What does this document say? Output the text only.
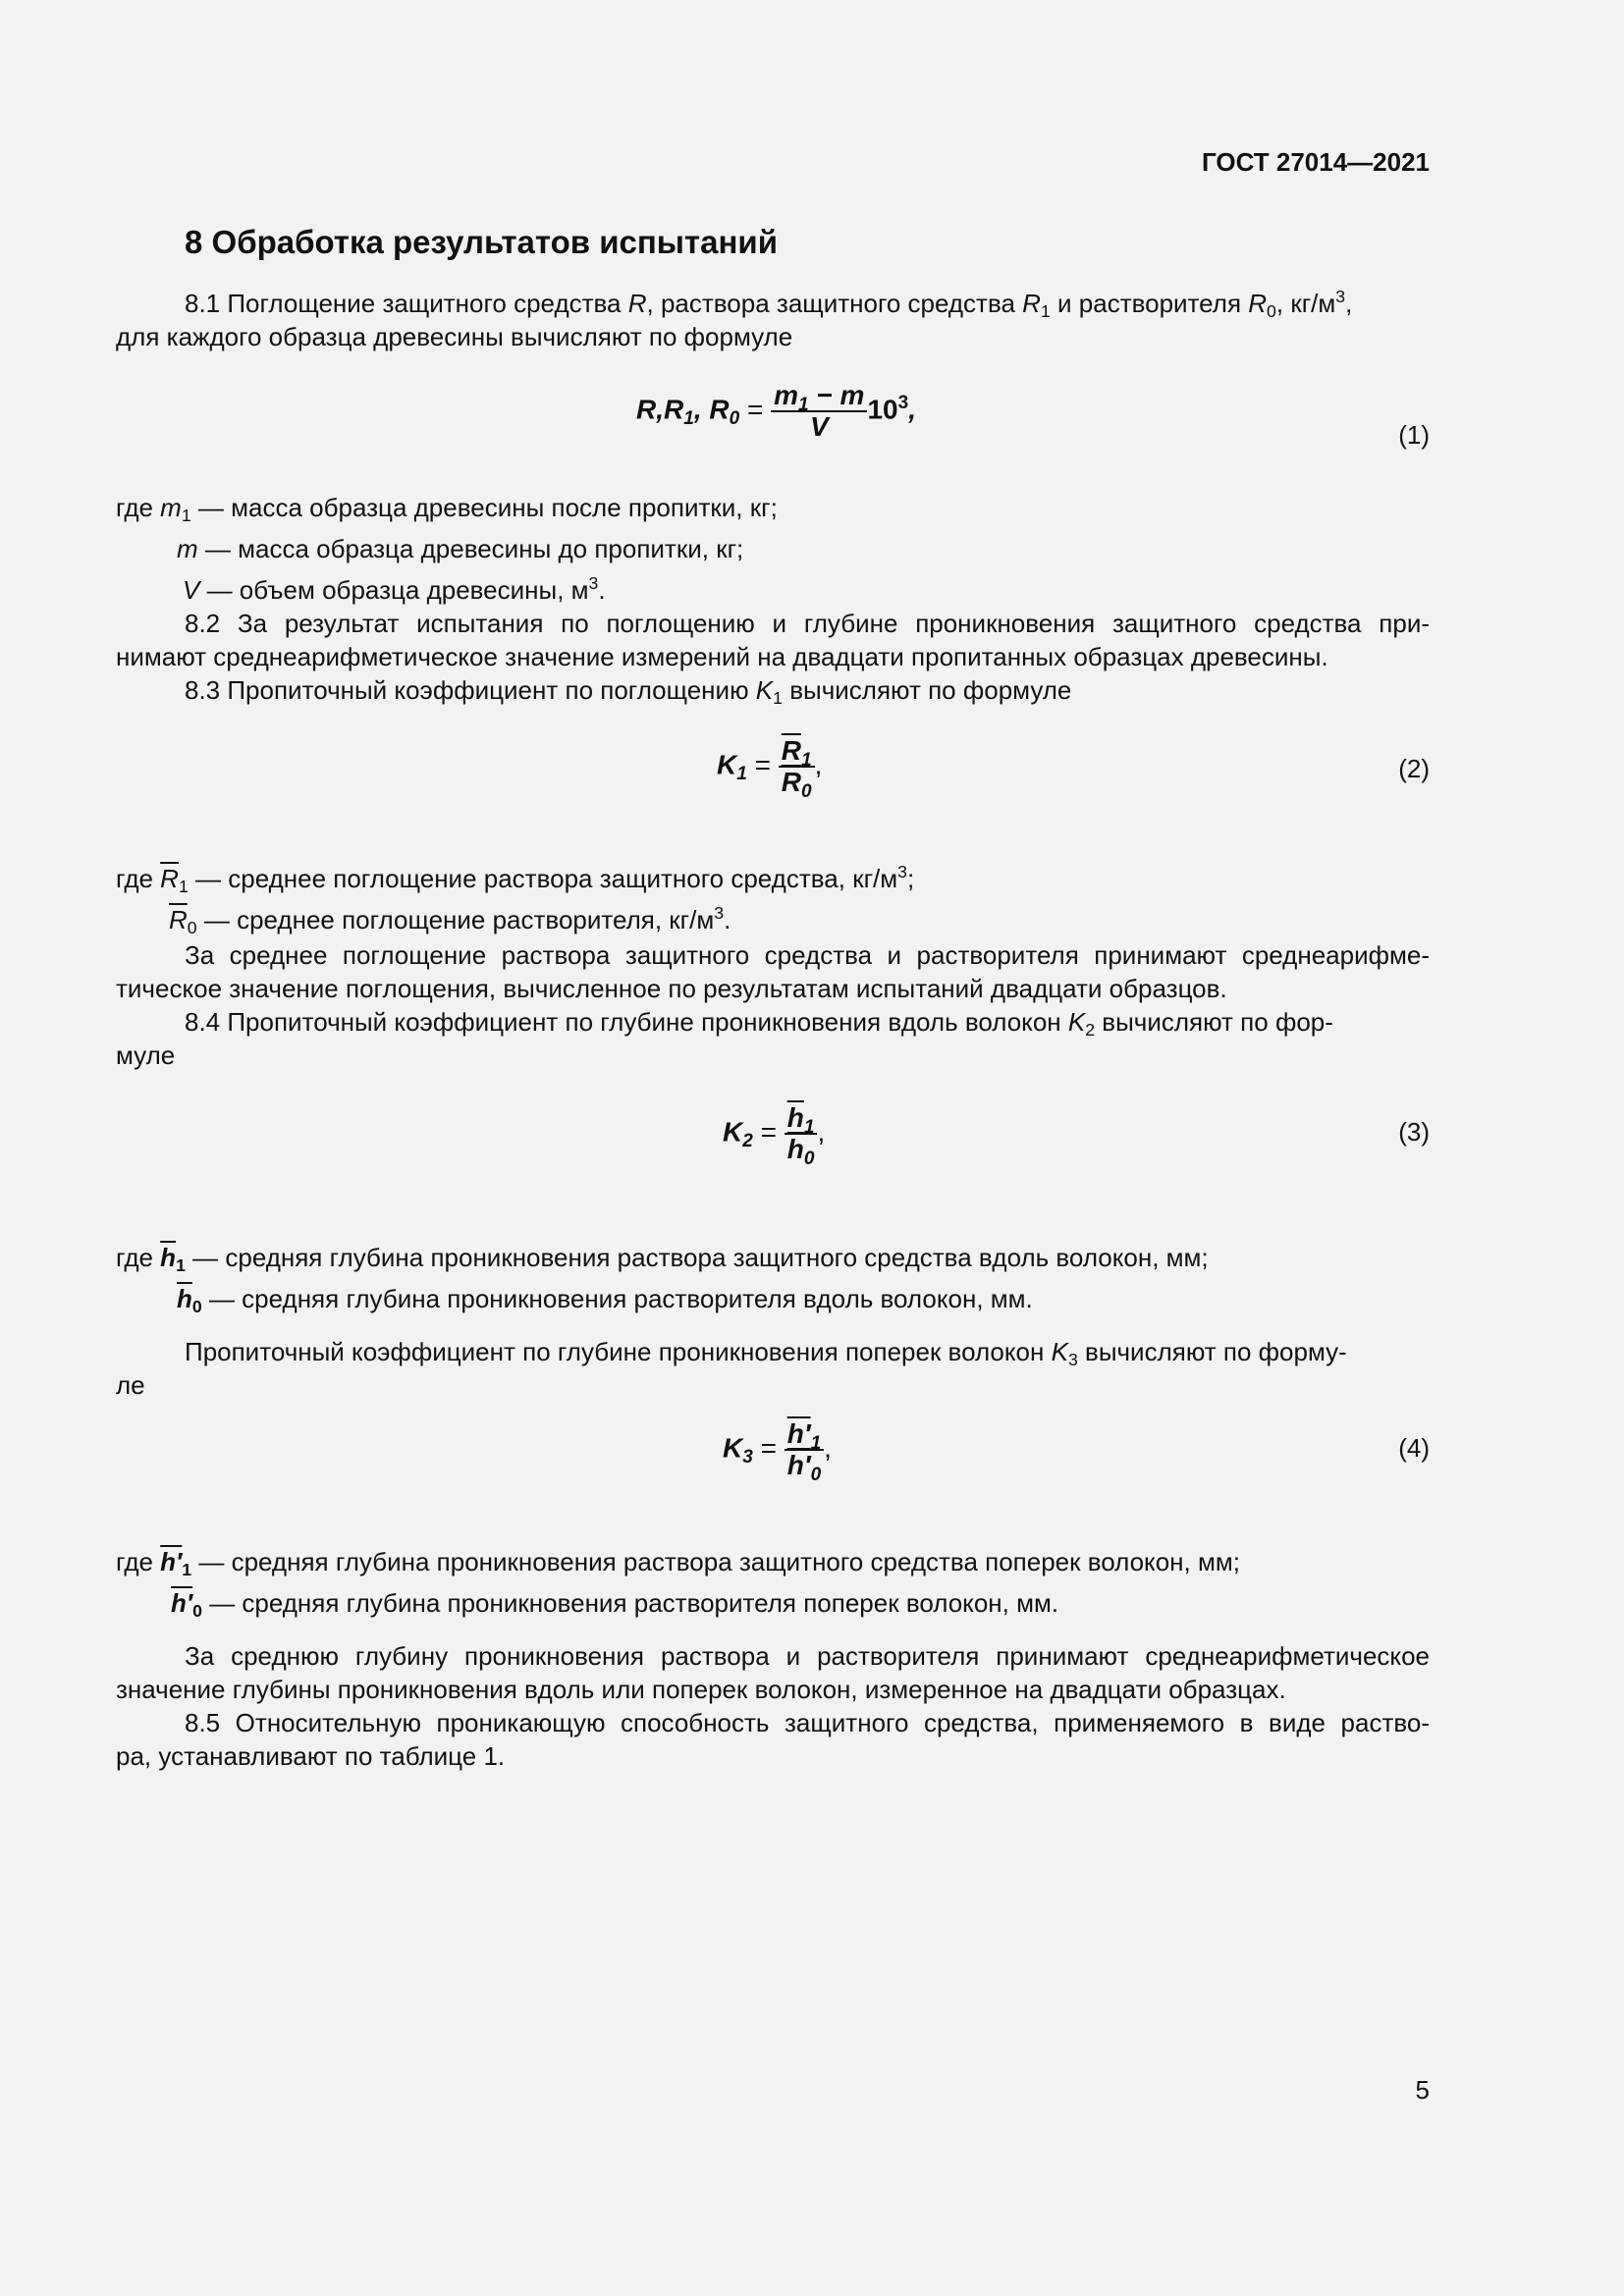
ГОСТ 27014—2021
8 Обработка результатов испытаний
8.1 Поглощение защитного средства R, раствора защитного средства $R_1$ и растворителя $R_0$, $кг/м^3$,
для каждого образца древесины вычисляют по формуле
$R,R_1$, $R_0 = \frac{m_1 - m}{V} 10^3$,
(1)
где $m_1$ — масса образца древесины после пропитки, кг;
m — масса образца древесины до пропитки, кг;
V — объем образца древесины, $м^3$.
8.2 За результат испытания по поглощению и глубине проникновения защитного средства при-
нимают среднеарифметическое значение измерений на двадцати пропитанных образцах древесины.
8.3 Пропиточный коэффициент по поглощению $K_1$ вычисляют по формуле
$K_1 = \frac{\overline{R}_1}{\overline{R}_0}$ ,	(2)
где $\overline{R}_1$ — среднее поглощение раствора защитного средства, $кг/м^3$;
$\overline{R}_0$ — среднее поглощение растворителя, $кг/м^3$.
За среднее поглощение раствора защитного средства и растворителя принимают среднеарифме-
тическое значение поглощения, вычисленное по результатам испытаний двадцати образцов.
8.4 Пропиточный коэффициент по глубине проникновения вдоль волокон $K_2$ вычисляют по фор-
муле
$K_2 = \frac{\overline{h}_1}{\overline{h}_0}$ ,	(3)
где $\overline{h}_1$ — средняя глубина проникновения раствора защитного средства вдоль волокон, мм;
$\overline{h}_0$ — средняя глубина проникновения растворителя вдоль волокон, мм.
Пропиточный коэффициент по глубине проникновения поперек волокон $K_3$ вычисляют по форму-
ле
$K_3 = \frac{h'_1}{h'_0}$ ,	(4)
где $h'_1$ — средняя глубина проникновения раствора защитного средства поперек волокон, мм;
$h'_0$ — средняя глубина проникновения растворителя поперек волокон, мм.
За среднюю глубину проникновения раствора и растворителя принимают среднеарифметическое
значение глубины проникновения вдоль или поперек волокон, измеренное на двадцати образцах.
8.5 Относительную проникающую способность защитного средства, применяемого в виде раство-
ра, устанавливают по таблице 1.
5
